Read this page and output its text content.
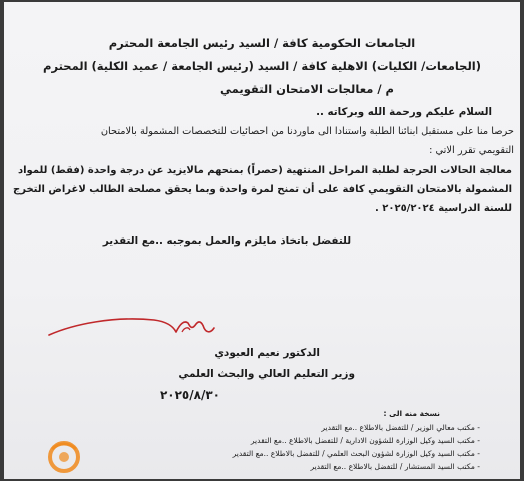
الجامعات الحكومية كافة / السيد رئيس الجامعة المحترم
(الجامعات/ الكليات) الاهلية كافة / السيد (رئيس الجامعة / عميد الكلية) المحترم
م / معالجات الامتحان التقويمي
السلام عليكم ورحمة الله وبركاته ..
حرصا منا على مستقبل ابنائنا الطلبة واستنادا الى ماوردنا من احصائيات للتخصصات المشمولة بالامتحان
التقويمي تقرر الاتي :
معالجة الحالات الحرجة لطلبة المراحل المنتهية (حصراً) بمنحهم مالايزيد عن درجة واحدة (فقط) للمواد
المشمولة بالامتحان التقويمي كافة على أن تمنح لمرة واحدة وبما يحقق مصلحة الطالب لاغراض التخرج
للسنة الدراسية ٢٠٢٥/٢٠٢٤ .
للتفضل باتخاذ مايلزم والعمل بموجبه ..مع التقدير
الدكتور نعيم العبودي
وزير التعليم العالي والبحث العلمي
٢٠٢٥/٨/٣٠
نسخة منه الى :
- مكتب معالي الوزير / للتفضل بالاطلاع ..مع التقدير
- مكتب السيد وكيل الوزارة للشؤون الادارية / للتفضل بالاطلاع ..مع التقدير
- مكتب السيد وكيل الوزارة لشؤون البحث العلمي / للتفضل بالاطلاع ..مع التقدير
- مكتب السيد المستشار / للتفضل بالاطلاع ..مع التقدير
